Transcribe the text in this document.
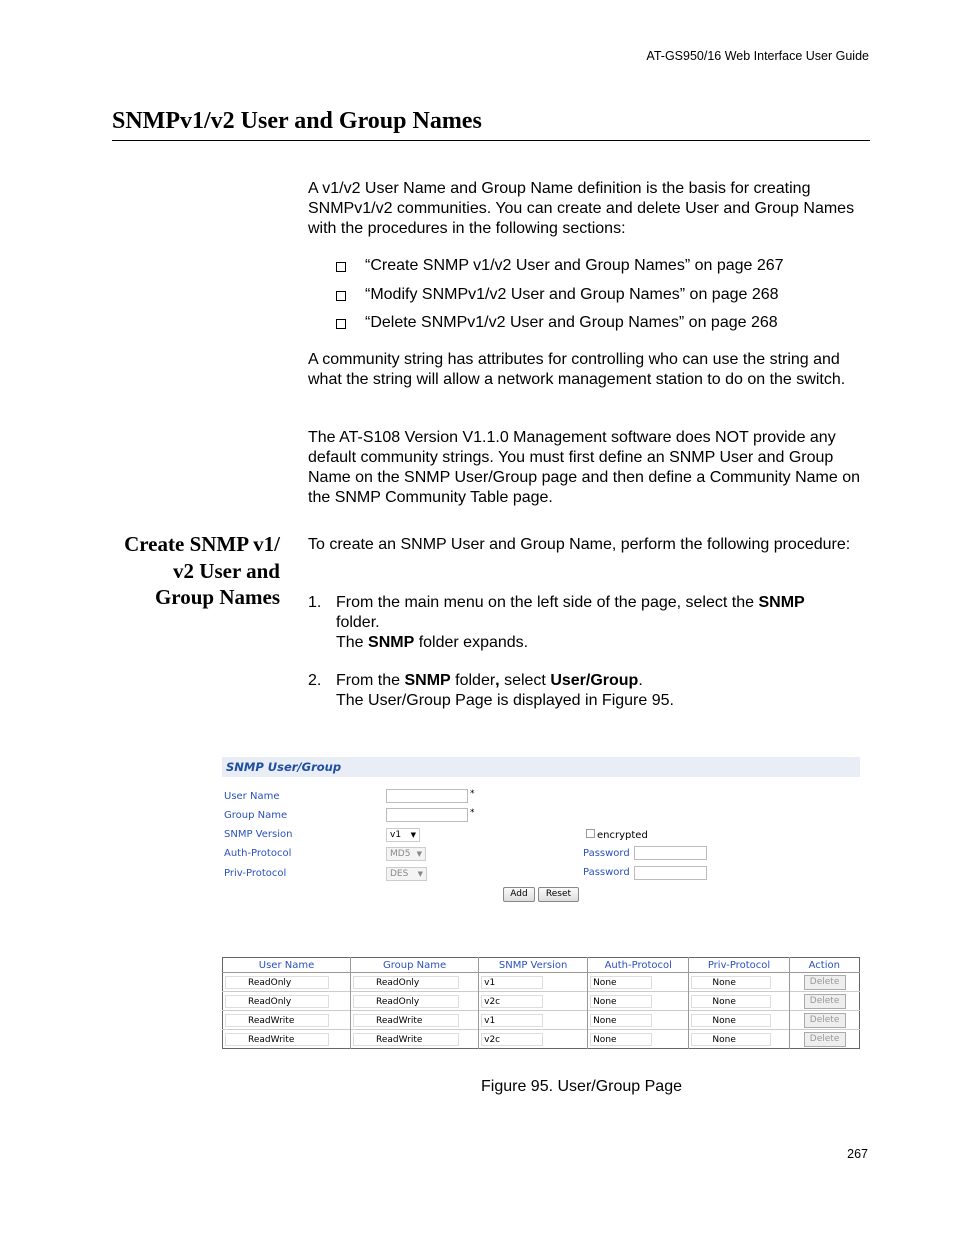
AT-GS950/16 Web Interface User Guide
SNMPv1/v2 User and Group Names
A v1/v2 User Name and Group Name definition is the basis for creating SNMPv1/v2 communities. You can create and delete User and Group Names with the procedures in the following sections:
“Create SNMP v1/v2 User and Group Names” on page 267
“Modify SNMPv1/v2 User and Group Names” on page 268
“Delete SNMPv1/v2 User and Group Names” on page 268
A community string has attributes for controlling who can use the string and what the string will allow a network management station to do on the switch.
The AT-S108 Version V1.1.0 Management software does NOT provide any default community strings. You must first define an SNMP User and Group Name on the SNMP User/Group page and then define a Community Name on the SNMP Community Table page.
Create SNMP v1/
v2 User and
Group Names
To create an SNMP User and Group Name, perform the following procedure:
1. From the main menu on the left side of the page, select the SNMP
folder.
The SNMP folder expands.
2. From the SNMP folder, select User/Group.
The User/Group Page is displayed in Figure 95.
SNMP User/Group
User Name	*
Group Name	*
SNMP Version	v1 ▼	encrypted
Auth-Protocol	MD5 ▼	Password
Priv-Protocol	DES ▼	Password
Add	Reset
User Name	Group Name	SNMP Version	Auth-Protocol	Priv-Protocol	Action
ReadOnly	ReadOnly	v1	None	None	Delete
ReadOnly	ReadOnly	v2c	None	None	Delete
ReadWrite	ReadWrite	v1	None	None	Delete
ReadWrite	ReadWrite	v2c	None	None	Delete
Figure 95. User/Group Page
267
